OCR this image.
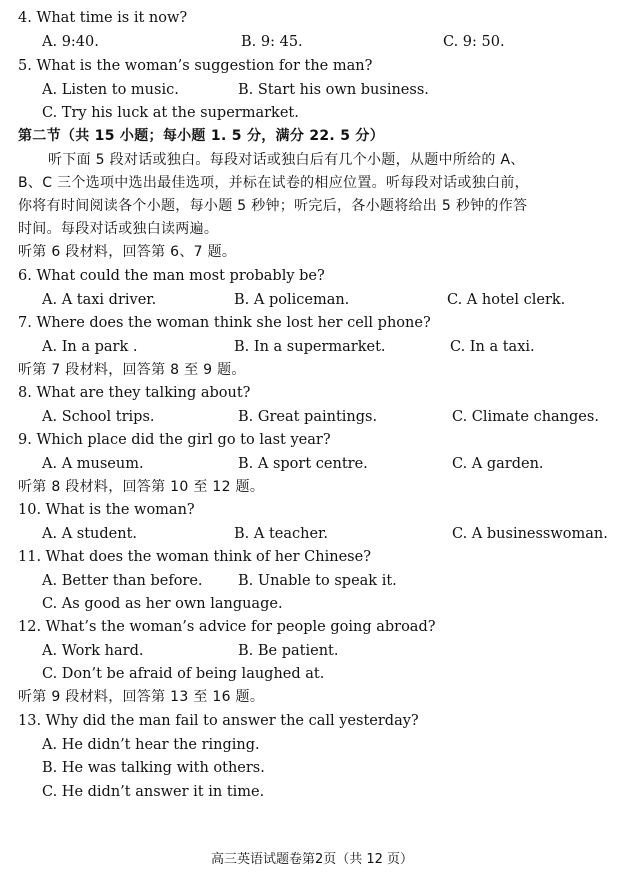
4. What time is it now?
A. 9:40.	B. 9: 45.	C. 9: 50.
5. What is the woman’s suggestion for the man?
A. Listen to music.	B. Start his own business.
C. Try his luck at the supermarket.
第二节（共 15 小题；每小题 1. 5 分，满分 22. 5 分）
听下面 5 段对话或独白。每段对话或独白后有几个小题，从题中所给的 A、
B、C 三个选项中选出最佳选项，并标在试卷的相应位置。听每段对话或独白前，
你将有时间阅读各个小题，每小题 5 秒钟；听完后，各小题将给出 5 秒钟的作答
时间。每段对话或独白读两遍。
听第 6 段材料，回答第 6、7 题。
6. What could the man most probably be?
A. A taxi driver.	B. A policeman.	C. A hotel clerk.
7. Where does the woman think she lost her cell phone?
A. In a park .	B. In a supermarket.	C. In a taxi.
听第 7 段材料，回答第 8 至 9 题。
8. What are they talking about?
A. School trips.	B. Great paintings.	C. Climate changes.
9. Which place did the girl go to last year?
A. A museum.	B. A sport centre.	C. A garden.
听第 8 段材料，回答第 10 至 12 题。
10. What is the woman?
A. A student.	B. A teacher.	C. A businesswoman.
11. What does the woman think of her Chinese?
A. Better than before. B. Unable to speak it.
C. As good as her own language.
12. What’s the woman’s advice for people going abroad?
A. Work hard.	B. Be patient.
C. Don’t be afraid of being laughed at.
听第 9 段材料，回答第 13 至 16 题。
13. Why did the man fail to answer the call yesterday?
A. He didn’t hear the ringing.
B. He was talking with others.
C. He didn’t answer it in time.
高三英语试题卷第2页（共 12 页）
